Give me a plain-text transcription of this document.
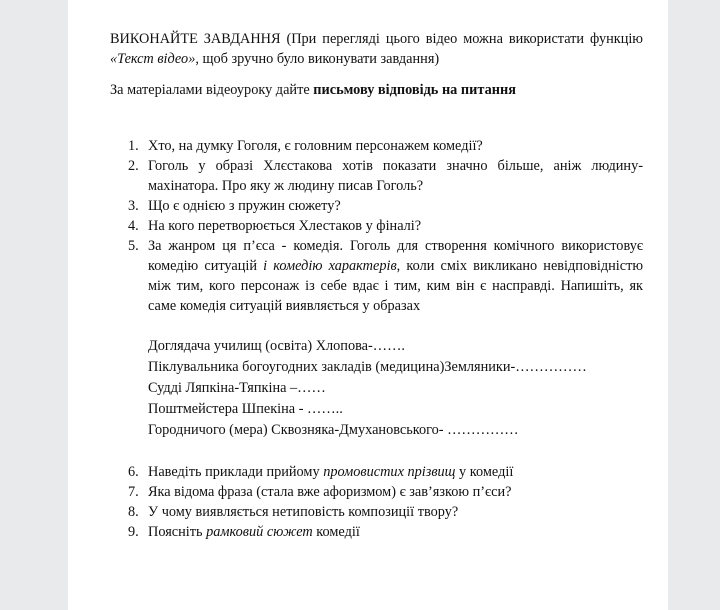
ВИКОНАЙТЕ ЗАВДАННЯ (При перегляді цього відео можна використати функцію «Текст відео», щоб зручно було виконувати завдання)

За матеріалами відеоуроку дайте письмову відповідь на питання

1. Хто, на думку Гоголя, є головним персонажем комедії?
2. Гоголь у образі Хлєстакова хотів показати значно більше, аніж людину-махінатора. Про яку ж людину писав Гоголь?
3. Що є однією з пружин сюжету?
4. На кого перетворюється Хлестаков у фіналі?
5. За жанром ця п’єса - комедія. Гоголь для створення комічного використовує комедію ситуацій і комедію характерів, коли сміх викликано невідповідністю між тим, кого персонаж із себе вдає і тим, ким він є насправді. Напишіть, як саме комедія ситуацій виявляється у образах
Доглядача училищ (освіта) Хлопова-…….
Піклувальника богоугодних закладів (медицина)Земляники-……………
Судді Ляпкіна-Тяпкіна –……
Поштмейстера Шпекіна - ……..
Городничого (мера) Сквозняка-Дмухановського- ……………
6. Наведіть приклади прийому промовистих прізвищ у комедії
7. Яка відома фраза (стала вже афоризмом) є зав’язкою п’єси?
8. У чому виявляється нетиповість композиції твору?
9. Поясніть рамковий сюжет комедії
